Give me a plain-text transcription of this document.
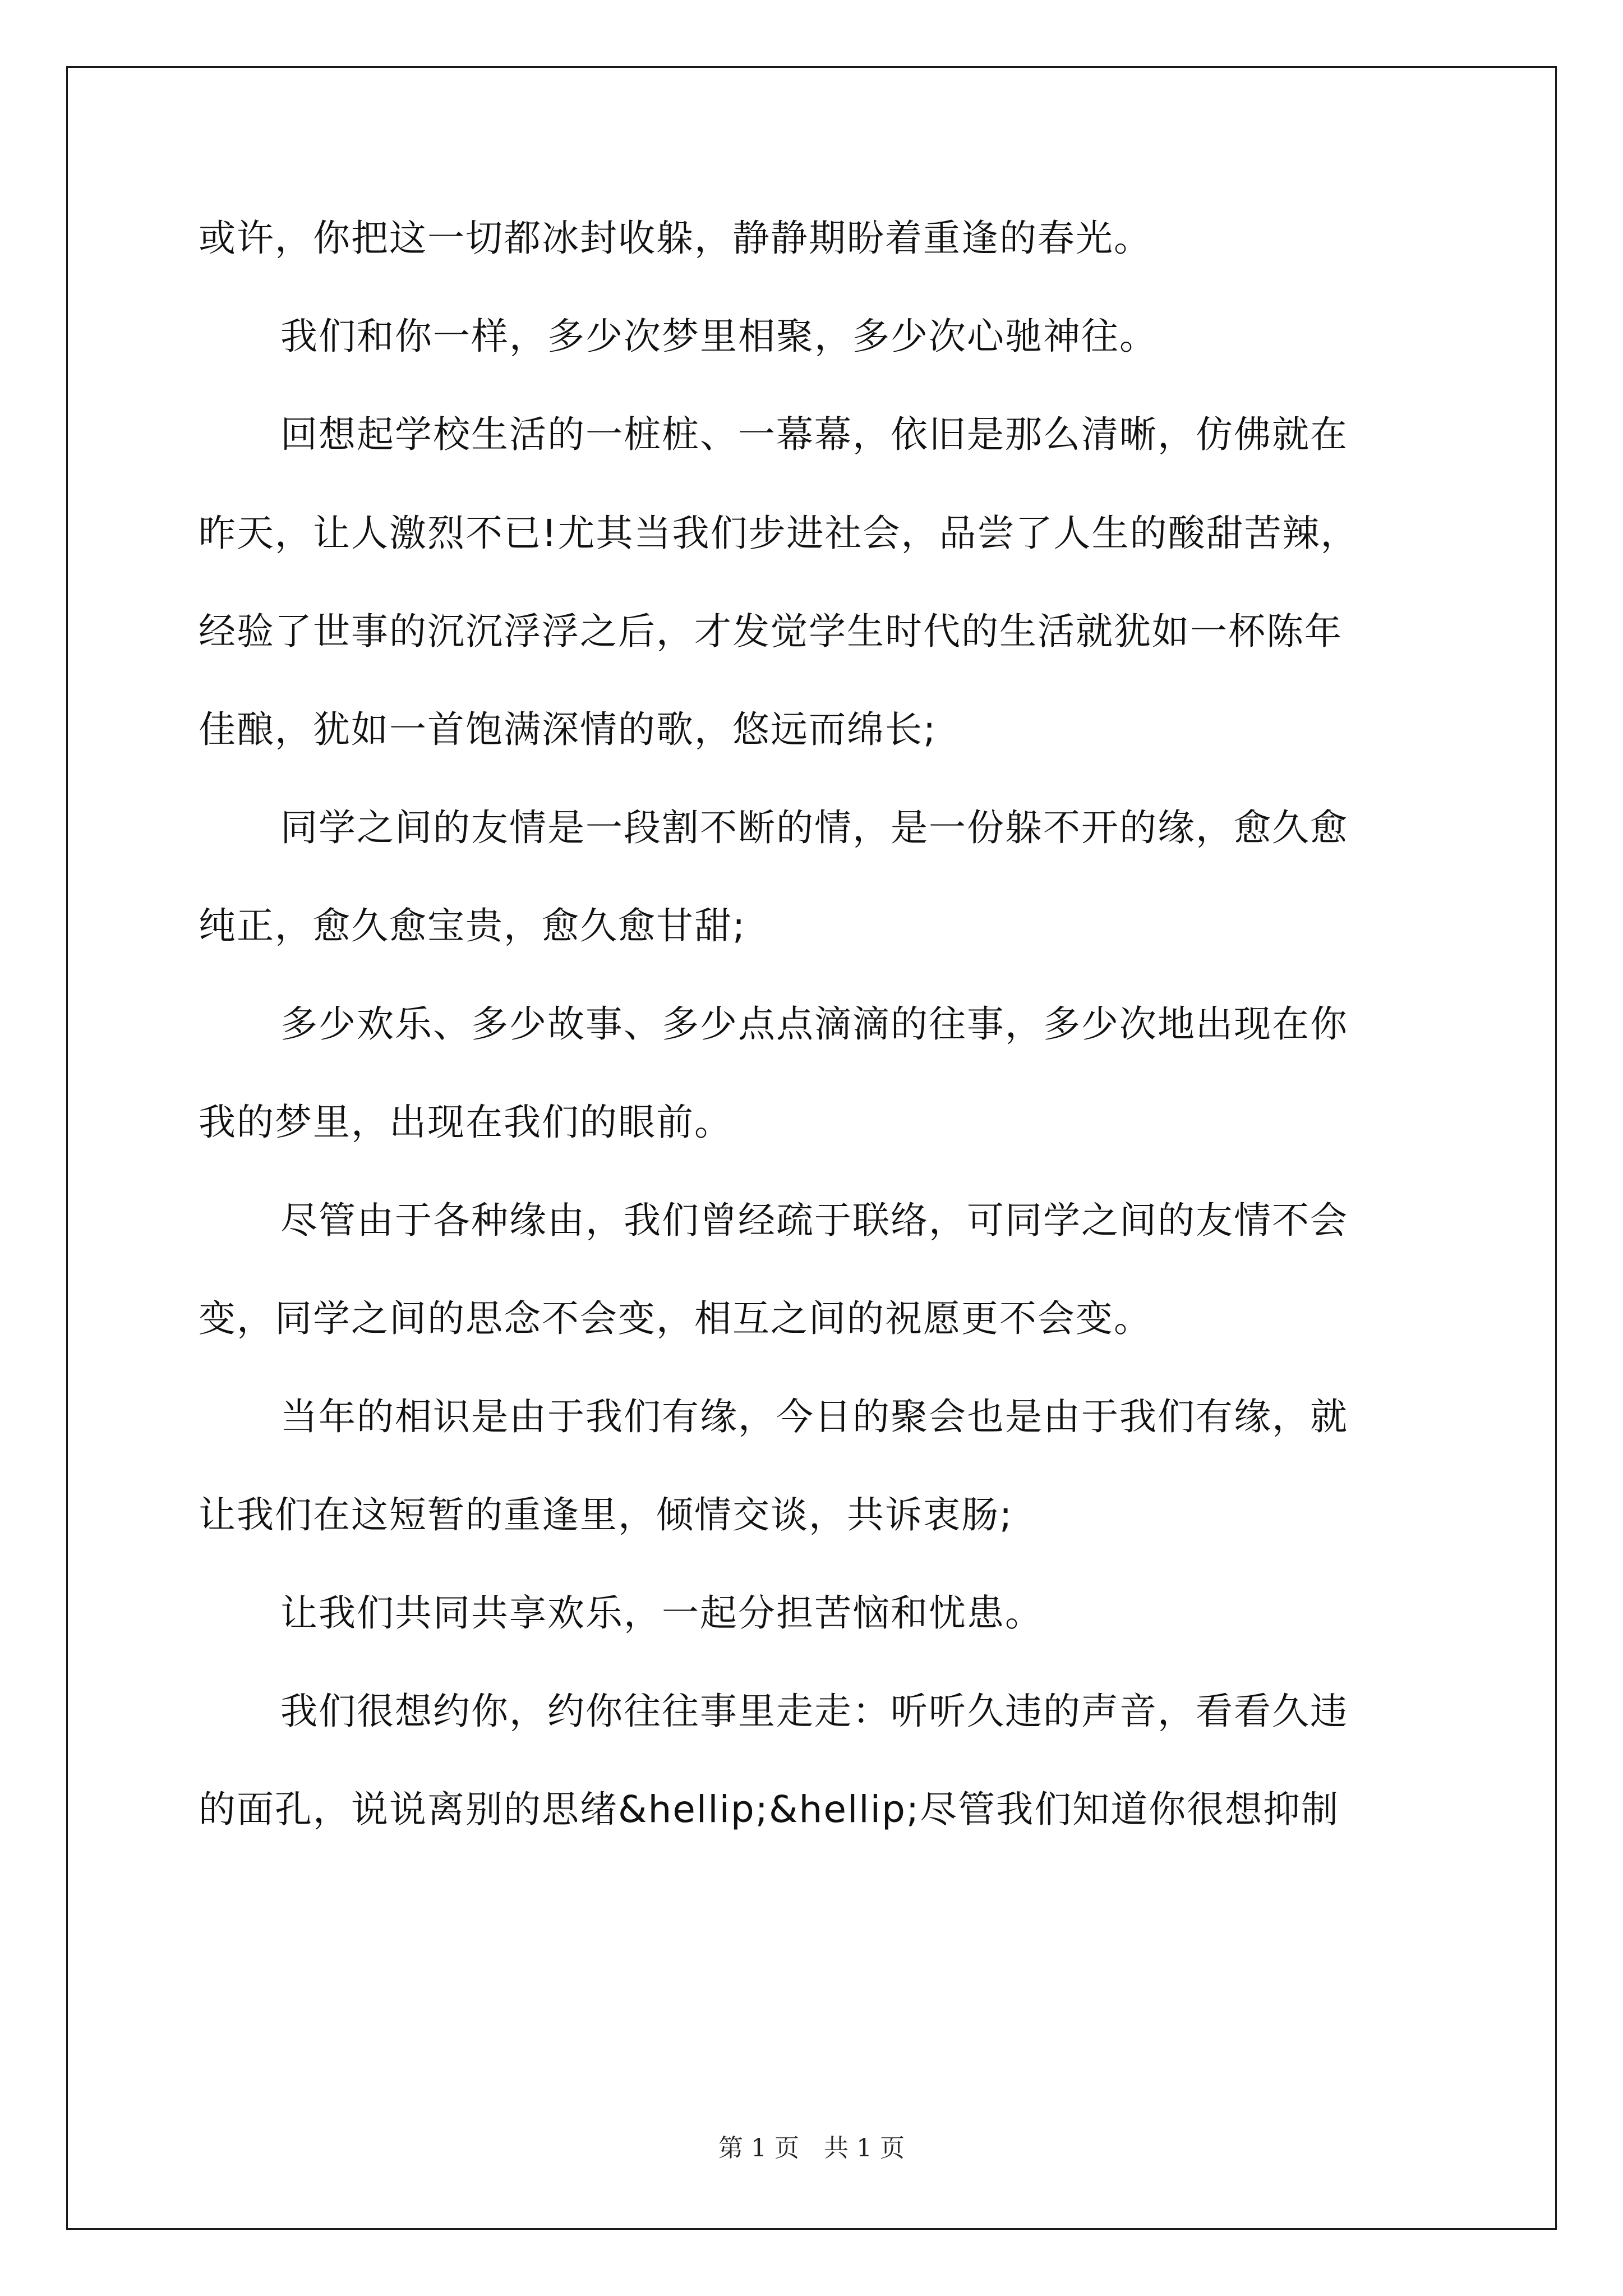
或许，你把这一切都冰封收躲，静静期盼着重逢的春光。
我们和你一样，多少次梦里相聚，多少次心驰神往。
回想起学校生活的一桩桩、一幕幕，依旧是那么清晰，仿佛就在
昨天，让人激烈不已!尤其当我们步进社会，品尝了人生的酸甜苦辣，
经验了世事的沉沉浮浮之后，才发觉学生时代的生活就犹如一杯陈年
佳酿，犹如一首饱满深情的歌，悠远而绵长;
同学之间的友情是一段割不断的情，是一份躲不开的缘，愈久愈
纯正，愈久愈宝贵，愈久愈甘甜;
多少欢乐、多少故事、多少点点滴滴的往事，多少次地出现在你
我的梦里，出现在我们的眼前。
尽管由于各种缘由，我们曾经疏于联络，可同学之间的友情不会
变，同学之间的思念不会变，相互之间的祝愿更不会变。
当年的相识是由于我们有缘，今日的聚会也是由于我们有缘，就
让我们在这短暂的重逢里，倾情交谈，共诉衷肠;
让我们共同共享欢乐，一起分担苦恼和忧患。
我们很想约你，约你往往事里走走：听听久违的声音，看看久违
的面孔，说说离别的思绪&hellip;&hellip;尽管我们知道你很想抑制
第 1 页　共 1 页
